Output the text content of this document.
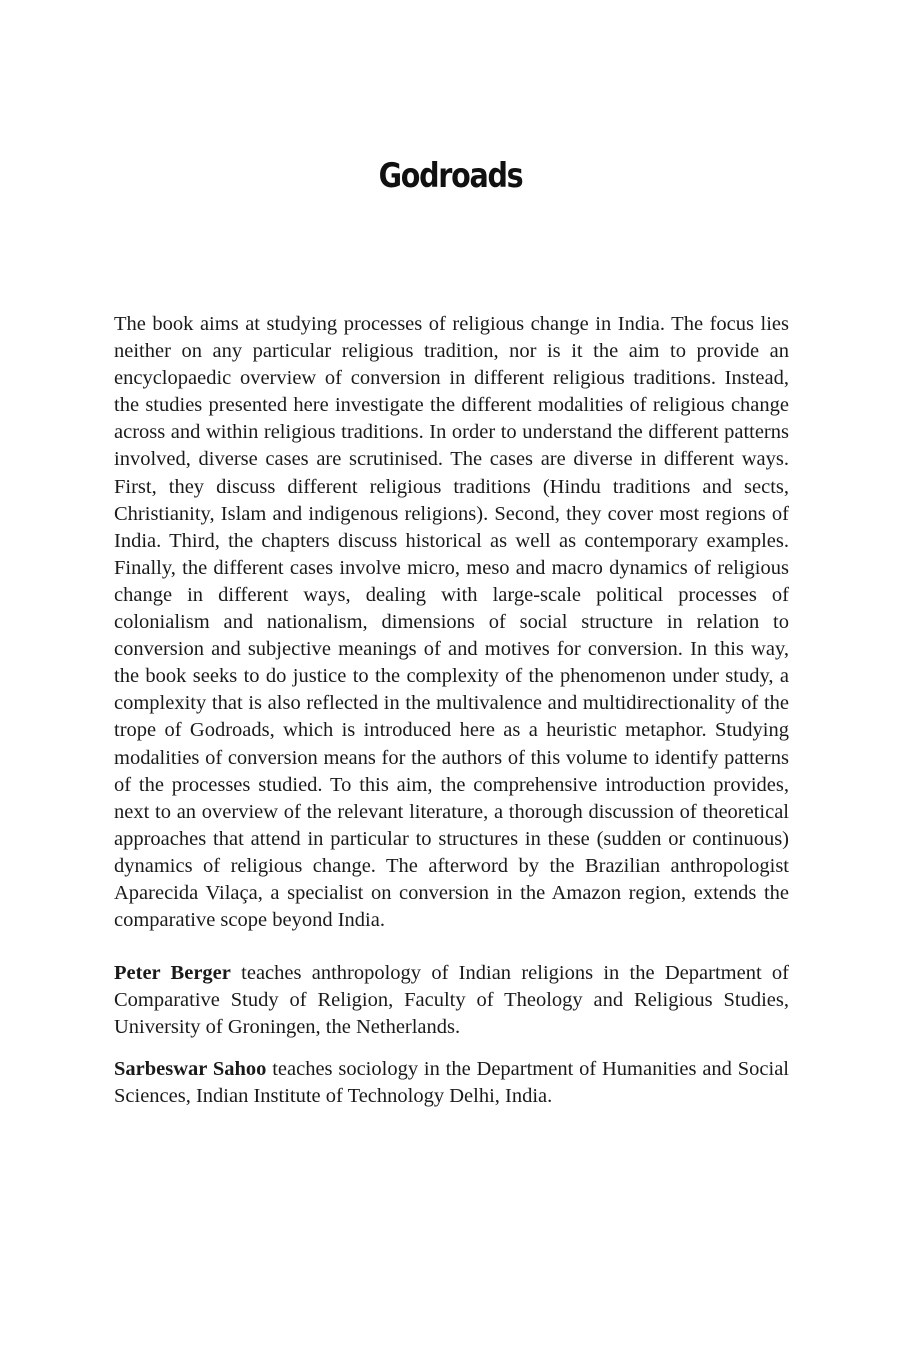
Godroads

The book aims at studying processes of religious change in India. The focus lies neither on any particular religious tradition, nor is it the aim to provide an encyclopaedic overview of conversion in different religious traditions. Instead, the studies presented here investigate the different modalities of religious change across and within religious traditions. In order to understand the different patterns involved, diverse cases are scrutinised. The cases are diverse in different ways. First, they discuss different religious traditions (Hindu traditions and sects, Christianity, Islam and indigenous religions). Second, they cover most regions of India. Third, the chapters discuss historical as well as contemporary examples. Finally, the different cases involve micro, meso and macro dynamics of religious change in different ways, dealing with large-scale political processes of colonialism and nationalism, dimensions of social structure in relation to conversion and subjective meanings of and motives for conversion. In this way, the book seeks to do justice to the complexity of the phenomenon under study, a complexity that is also reflected in the multivalence and multidirectionality of the trope of Godroads, which is introduced here as a heuristic metaphor. Studying modalities of conversion means for the authors of this volume to identify patterns of the processes studied. To this aim, the comprehensive introduction provides, next to an overview of the relevant literature, a thorough discussion of theoretical approaches that attend in particular to structures in these (sudden or continuous) dynamics of religious change. The afterword by the Brazilian anthropologist Aparecida Vilaça, a specialist on conversion in the Amazon region, extends the comparative scope beyond India.

Peter Berger teaches anthropology of Indian religions in the Department of Comparative Study of Religion, Faculty of Theology and Religious Studies, University of Groningen, the Netherlands.

Sarbeswar Sahoo teaches sociology in the Department of Humanities and Social Sciences, Indian Institute of Technology Delhi, India.
